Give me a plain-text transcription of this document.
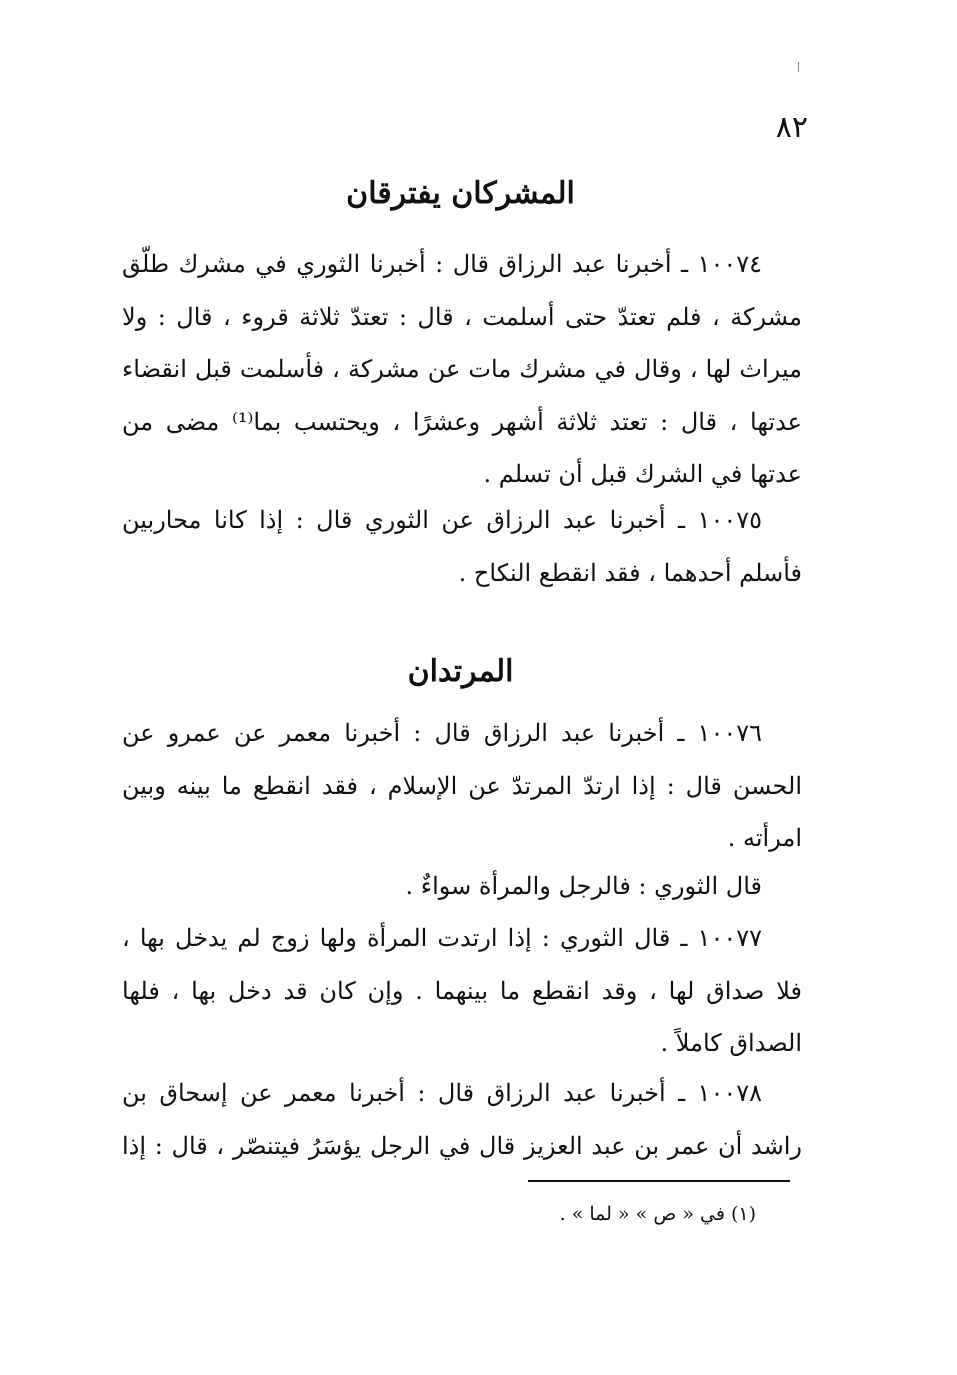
٨٢
المشركان يفترقان
١٠٠٧٤ ـ أخبرنا عبد الرزاق قال : أخبرنا الثوري في مشرك طلّق
مشركة ، فلم تعتدّ حتى أسلمت ، قال : تعتدّ ثلاثة قروء ، قال : ولا
ميراث لها ، وقال في مشرك مات عن مشركة ، فأسلمت قبل انقضاء
عدتها ، قال : تعتد ثلاثة أشهر وعشرًا ، ويحتسب بما⁽¹⁾ مضى من
عدتها في الشرك قبل أن تسلم .
١٠٠٧٥ ـ أخبرنا عبد الرزاق عن الثوري قال : إذا كانا محاربين
فأسلم أحدهما ، فقد انقطع النكاح .
المرتدان
١٠٠٧٦ ـ أخبرنا عبد الرزاق قال : أخبرنا معمر عن عمرو عن
الحسن قال : إذا ارتدّ المرتدّ عن الإسلام ، فقد انقطع ما بينه وبين
امرأته .
قال الثوري : فالرجل والمرأة سواءٌ .
١٠٠٧٧ ـ قال الثوري : إذا ارتدت المرأة ولها زوج لم يدخل بها ،
فلا صداق لها ، وقد انقطع ما بينهما . وإن كان قد دخل بها ، فلها
الصداق كاملاً .
١٠٠٧٨ ـ أخبرنا عبد الرزاق قال : أخبرنا معمر عن إسحاق بن
راشد أن عمر بن عبد العزيز قال في الرجل يؤسَرُ فيتنصّر ، قال : إذا
(١) في « ص » « لما » .
